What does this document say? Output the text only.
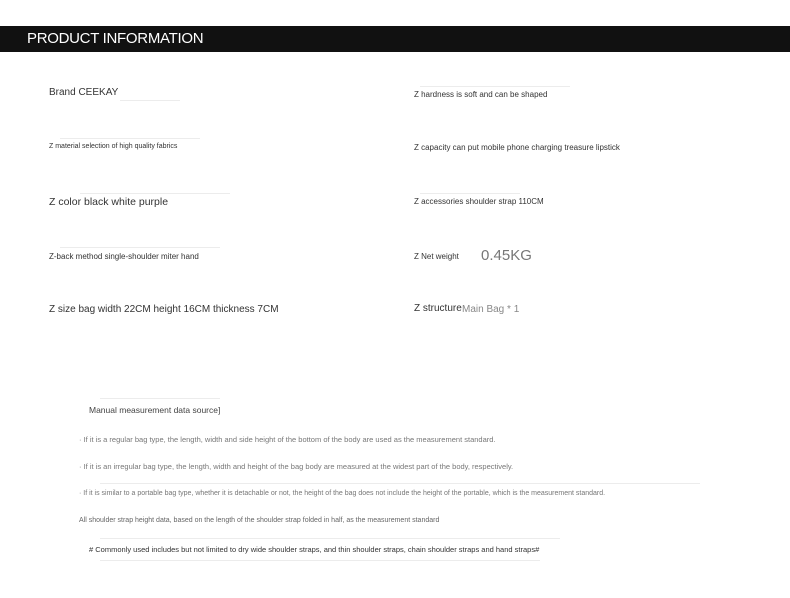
PRODUCT INFORMATION
Brand CEEKAY
Z material selection of high quality fabrics
Z color black white purple
Z-back method single-shoulder miter hand
Z size bag width 22CM height 16CM thickness 7CM
Z hardness is soft and can be shaped
Z capacity can put mobile phone charging treasure lipstick
Z accessories shoulder strap 110CM
Z Net weight 0.45KG
Z structure Main Bag * 1
Manual measurement data source]
· If it is a regular bag type, the length, width and side height of the bottom of the body are used as the measurement standard.
· If it is an irregular bag type, the length, width and height of the bag body are measured at the widest part of the body, respectively.
· If it is similar to a portable bag type, whether it is detachable or not, the height of the bag does not include the height of the portable, which is the measurement standard.
All shoulder strap height data, based on the length of the shoulder strap folded in half, as the measurement standard
# Commonly used includes but not limited to dry wide shoulder straps, and thin shoulder straps, chain shoulder straps and hand straps#
